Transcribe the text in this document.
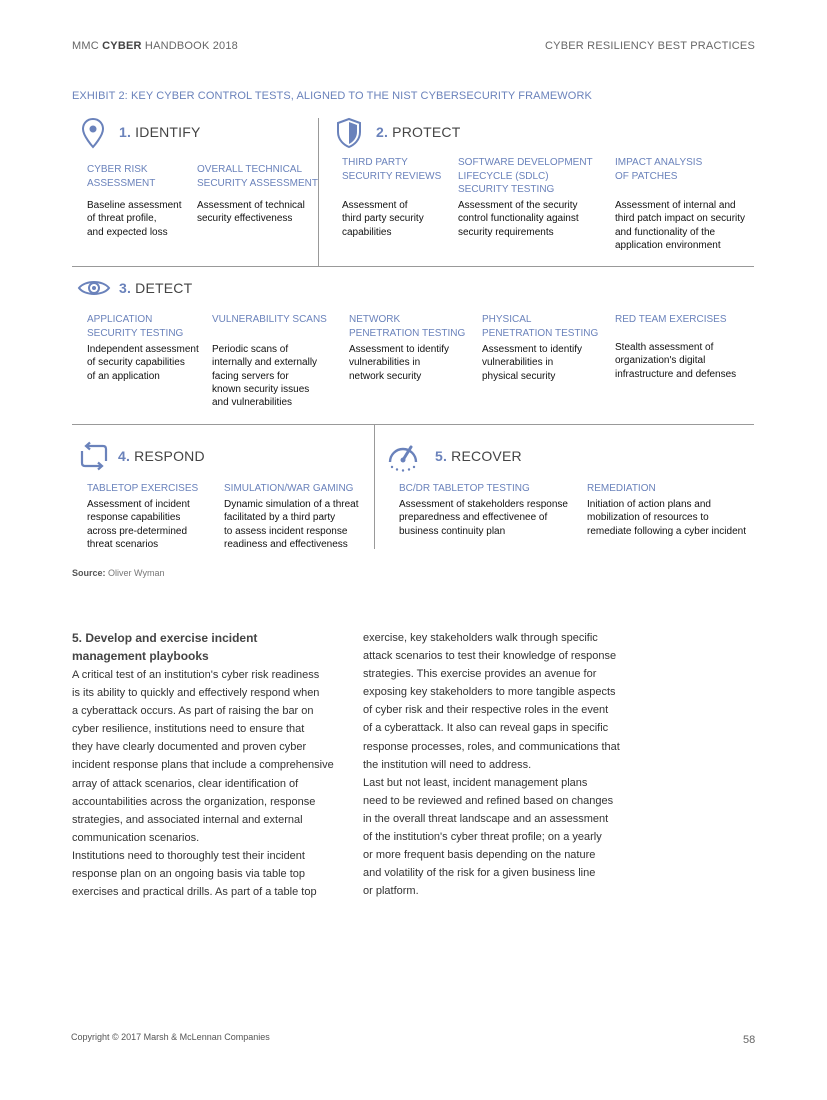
MMC CYBER HANDBOOK 2018	CYBER RESILIENCY BEST PRACTICES
EXHIBIT 2: KEY CYBER CONTROL TESTS, ALIGNED TO THE NIST CYBERSECURITY FRAMEWORK
1. IDENTIFY
CYBER RISK
ASSESSMENT
Baseline assessment
of threat profile,
and expected loss
OVERALL TECHNICAL
SECURITY ASSESSMENT
Assessment of technical
security effectiveness
2. PROTECT
THIRD PARTY
SECURITY REVIEWS
Assessment of
third party security
capabilities
SOFTWARE DEVELOPMENT
LIFECYCLE (SDLC)
SECURITY TESTING
Assessment of the security
control functionality against
security requirements
IMPACT ANALYSIS
OF PATCHES
Assessment of internal and
third patch impact on security
and functionality of the
application environment
3. DETECT
APPLICATION
SECURITY TESTING
Independent assessment
of security capabilities
of an application
VULNERABILITY SCANS
Periodic scans of
internally and externally
facing servers for
known security issues
and vulnerabilities
NETWORK
PENETRATION TESTING
Assessment to identify
vulnerabilities in
network security
PHYSICAL
PENETRATION TESTING
Assessment to identify
vulnerabilities in
physical security
RED TEAM EXERCISES
Stealth assessment of
organization's digital
infrastructure and defenses
4. RESPOND
TABLETOP EXERCISES
Assessment of incident
response capabilities
across pre-determined
threat scenarios
SIMULATION/WAR GAMING
Dynamic simulation of a threat
facilitated by a third party
to assess incident response
readiness and effectiveness
5. RECOVER
BC/DR TABLETOP TESTING
Assessment of stakeholders response
preparedness and effectivenee of
business continuity plan
REMEDIATION
Initiation of action plans and
mobilization of resources to
remediate following a cyber incident
Source: Oliver Wyman
5. Develop and exercise incident
management playbooks
A critical test of an institution's cyber risk readiness
is its ability to quickly and effectively respond when
a cyberattack occurs. As part of raising the bar on
cyber resilience, institutions need to ensure that
they have clearly documented and proven cyber
incident response plans that include a comprehensive
array of attack scenarios, clear identification of
accountabilities across the organization, response
strategies, and associated internal and external
communication scenarios.
Institutions need to thoroughly test their incident
response plan on an ongoing basis via table top
exercises and practical drills. As part of a table top
exercise, key stakeholders walk through specific
attack scenarios to test their knowledge of response
strategies. This exercise provides an avenue for
exposing key stakeholders to more tangible aspects
of cyber risk and their respective roles in the event
of a cyberattack. It also can reveal gaps in specific
response processes, roles, and communications that
the institution will need to address.
Last but not least, incident management plans
need to be reviewed and refined based on changes
in the overall threat landscape and an assessment
of the institution's cyber threat profile; on a yearly
or more frequent basis depending on the nature
and volatility of the risk for a given business line
or platform.
Copyright © 2017 Marsh & McLennan Companies	58
